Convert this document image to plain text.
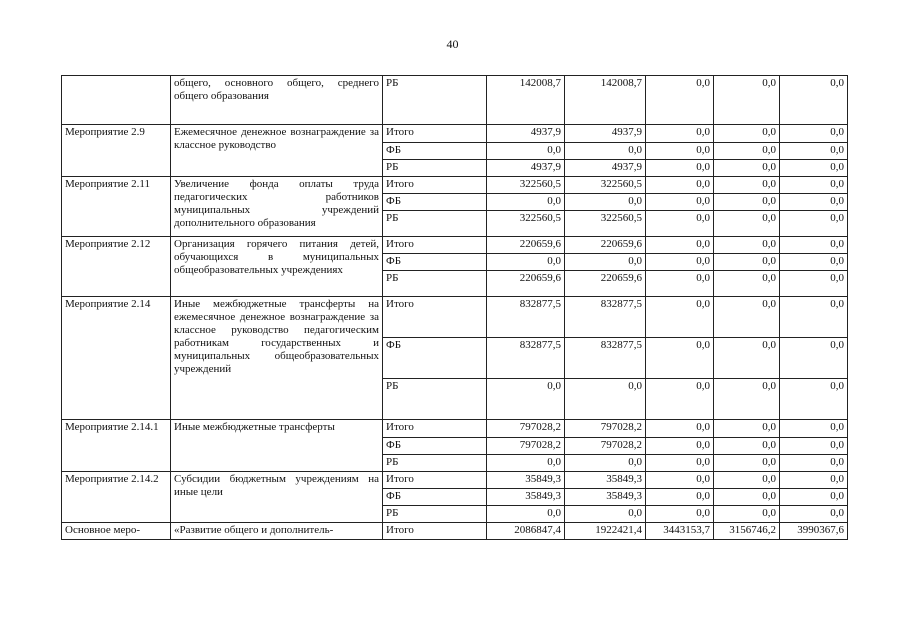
40
	общего, основного общего, среднего общего образования	РБ	142008,7	142008,7	0,0	0,0	0,0
Мероприятие 2.9	Ежемесячное денежное вознаграждение за классное руководство	Итого	4937,9	4937,9	0,0	0,0	0,0
		ФБ	0,0	0,0	0,0	0,0	0,0
		РБ	4937,9	4937,9	0,0	0,0	0,0
Мероприятие 2.11	Увеличение фонда оплаты труда педагогических работников муниципальных учреждений дополнительного образования	Итого	322560,5	322560,5	0,0	0,0	0,0
		ФБ	0,0	0,0	0,0	0,0	0,0
		РБ	322560,5	322560,5	0,0	0,0	0,0
Мероприятие 2.12	Организация горячего питания детей, обучающихся в муниципальных общеобразовательных учреждениях	Итого	220659,6	220659,6	0,0	0,0	0,0
		ФБ	0,0	0,0	0,0	0,0	0,0
		РБ	220659,6	220659,6	0,0	0,0	0,0
Мероприятие 2.14	Иные межбюджетные трансферты на ежемесячное денежное вознаграждение за классное руководство педагогическим работникам государственных и муниципальных общеобразовательных учреждений	Итого	832877,5	832877,5	0,0	0,0	0,0
		ФБ	832877,5	832877,5	0,0	0,0	0,0
		РБ	0,0	0,0	0,0	0,0	0,0
Мероприятие 2.14.1	Иные межбюджетные трансферты	Итого	797028,2	797028,2	0,0	0,0	0,0
		ФБ	797028,2	797028,2	0,0	0,0	0,0
		РБ	0,0	0,0	0,0	0,0	0,0
Мероприятие 2.14.2	Субсидии бюджетным учреждениям на иные цели	Итого	35849,3	35849,3	0,0	0,0	0,0
		ФБ	35849,3	35849,3	0,0	0,0	0,0
		РБ	0,0	0,0	0,0	0,0	0,0
Основное меро-	«Развитие общего и дополнитель-	Итого	2086847,4	1922421,4	3443153,7	3156746,2	3990367,6
